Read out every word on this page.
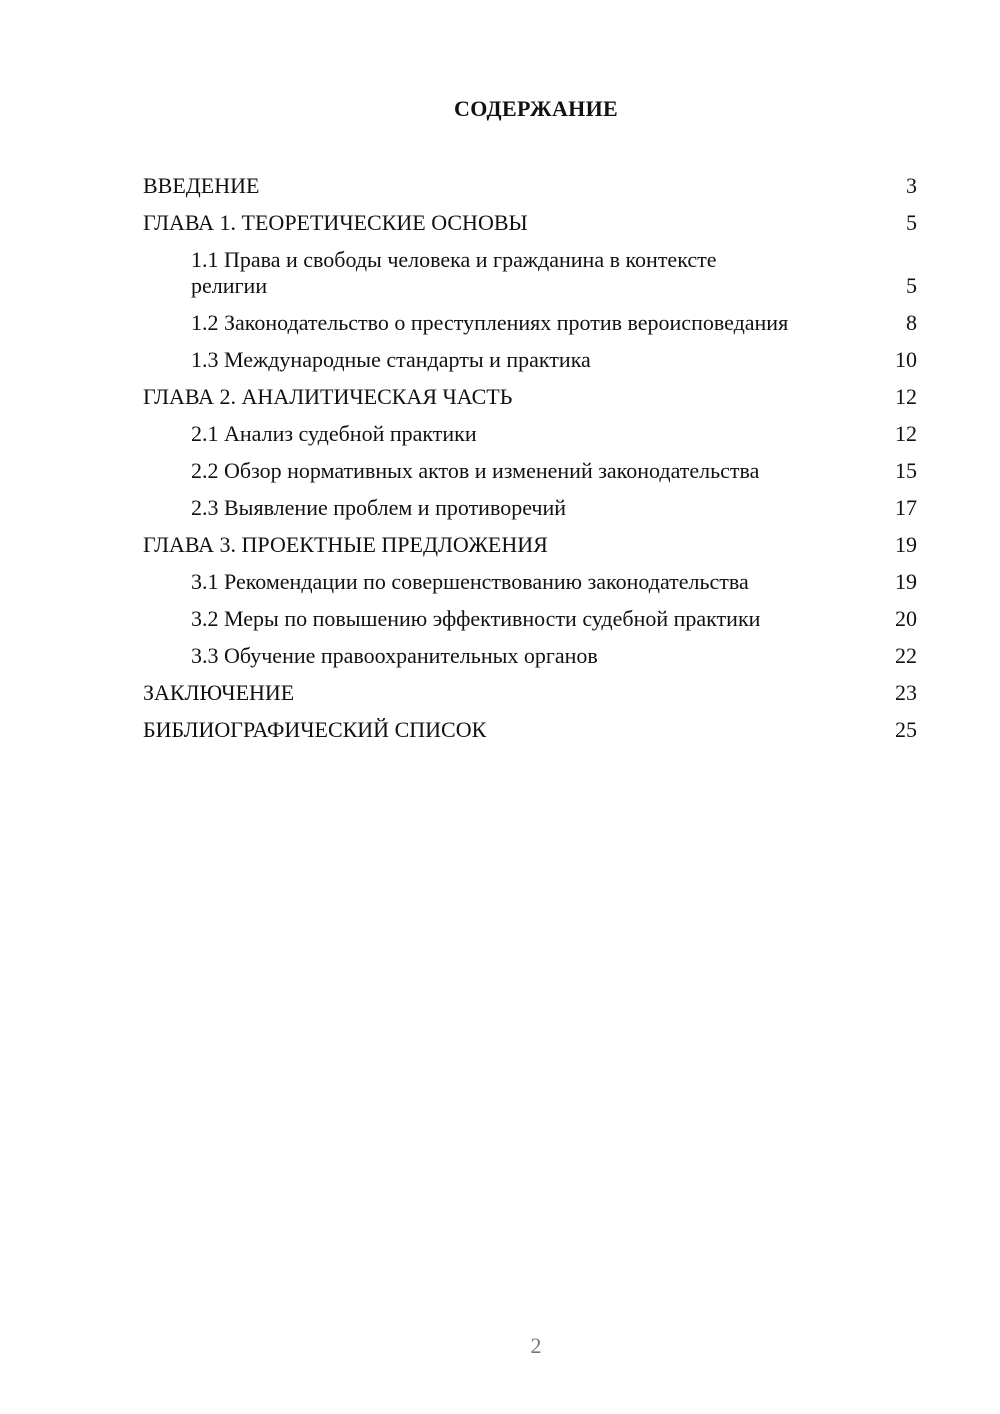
СОДЕРЖАНИЕ
ВВЕДЕНИЕ	3
ГЛАВА 1. ТЕОРЕТИЧЕСКИЕ ОСНОВЫ	5
1.1 Права и свободы человека и гражданина в контексте религии	5
1.2 Законодательство о преступлениях против вероисповедания	8
1.3 Международные стандарты и практика	10
ГЛАВА 2. АНАЛИТИЧЕСКАЯ ЧАСТЬ	12
2.1 Анализ судебной практики	12
2.2 Обзор нормативных актов и изменений законодательства	15
2.3 Выявление проблем и противоречий	17
ГЛАВА 3. ПРОЕКТНЫЕ ПРЕДЛОЖЕНИЯ	19
3.1 Рекомендации по совершенствованию законодательства	19
3.2 Меры по повышению эффективности судебной практики	20
3.3 Обучение правоохранительных органов	22
ЗАКЛЮЧЕНИЕ	23
БИБЛИОГРАФИЧЕСКИЙ СПИСОК	25
2
